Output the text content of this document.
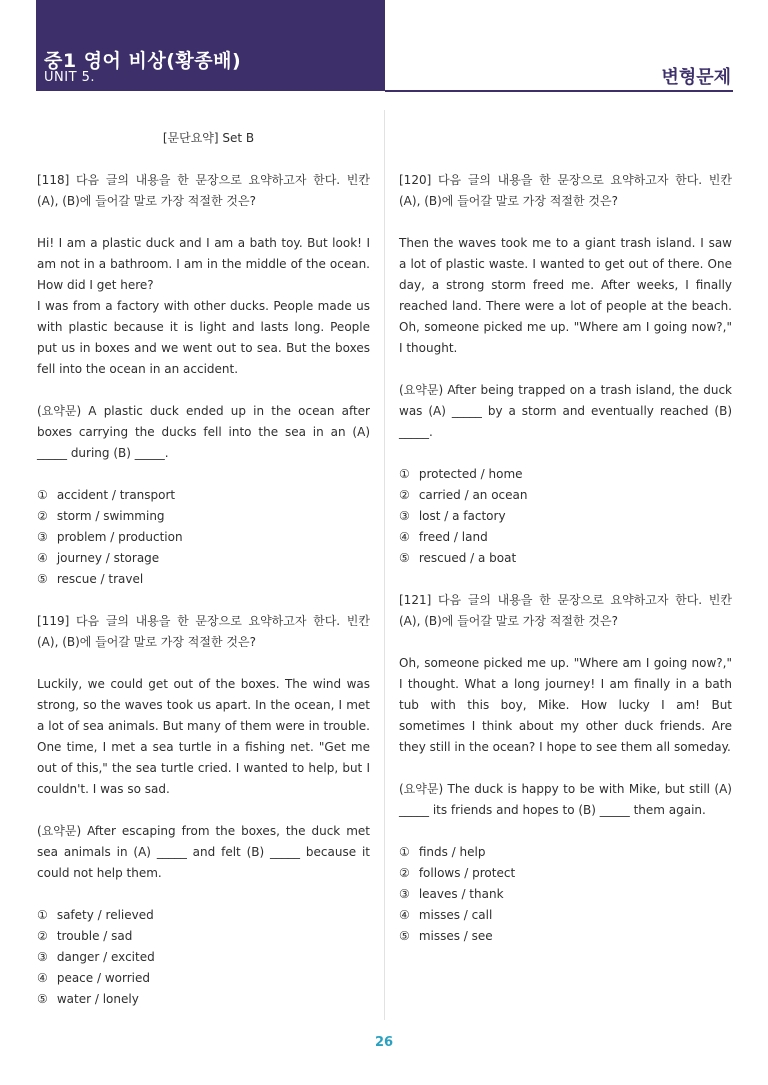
중1 영어 비상(황종배)
UNIT 5.	변형문제
[문단요약] Set B
[118] 다음 글의 내용을 한 문장으로 요약하고자 한다. 빈칸 (A), (B)에 들어갈 말로 가장 적절한 것은?

Hi! I am a plastic duck and I am a bath toy. But look! I am not in a bathroom. I am in the middle of the ocean. How did I get here?

I was from a factory with other ducks. People made us with plastic because it is light and lasts long. People put us in boxes and we went out to sea. But the boxes fell into the ocean in an accident.

(요약문) A plastic duck ended up in the ocean after boxes carrying the ducks fell into the sea in an (A) _____ during (B) _____.
① accident / transport
② storm / swimming
③ problem / production
④ journey / storage
⑤ rescue / travel
[119] 다음 글의 내용을 한 문장으로 요약하고자 한다. 빈칸 (A), (B)에 들어갈 말로 가장 적절한 것은?

Luckily, we could get out of the boxes. The wind was strong, so the waves took us apart. In the ocean, I met a lot of sea animals. But many of them were in trouble. One time, I met a sea turtle in a fishing net. "Get me out of this," the sea turtle cried. I wanted to help, but I couldn't. I was so sad.

(요약문) After escaping from the boxes, the duck met sea animals in (A) _____ and felt (B) _____ because it could not help them.
① safety / relieved
② trouble / sad
③ danger / excited
④ peace / worried
⑤ water / lonely
[120] 다음 글의 내용을 한 문장으로 요약하고자 한다. 빈칸 (A), (B)에 들어갈 말로 가장 적절한 것은?

Then the waves took me to a giant trash island. I saw a lot of plastic waste. I wanted to get out of there. One day, a strong storm freed me. After weeks, I finally reached land. There were a lot of people at the beach. Oh, someone picked me up. "Where am I going now?," I thought.

(요약문) After being trapped on a trash island, the duck was (A) _____ by a storm and eventually reached (B) _____.
① protected / home
② carried / an ocean
③ lost / a factory
④ freed / land
⑤ rescued / a boat
[121] 다음 글의 내용을 한 문장으로 요약하고자 한다. 빈칸 (A), (B)에 들어갈 말로 가장 적절한 것은?

Oh, someone picked me up. "Where am I going now?," I thought. What a long journey! I am finally in a bath tub with this boy, Mike. How lucky I am! But sometimes I think about my other duck friends. Are they still in the ocean? I hope to see them all someday.

(요약문) The duck is happy to be with Mike, but still (A) _____ its friends and hopes to (B) _____ them again.
① finds / help
② follows / protect
③ leaves / thank
④ misses / call
⑤ misses / see
26
